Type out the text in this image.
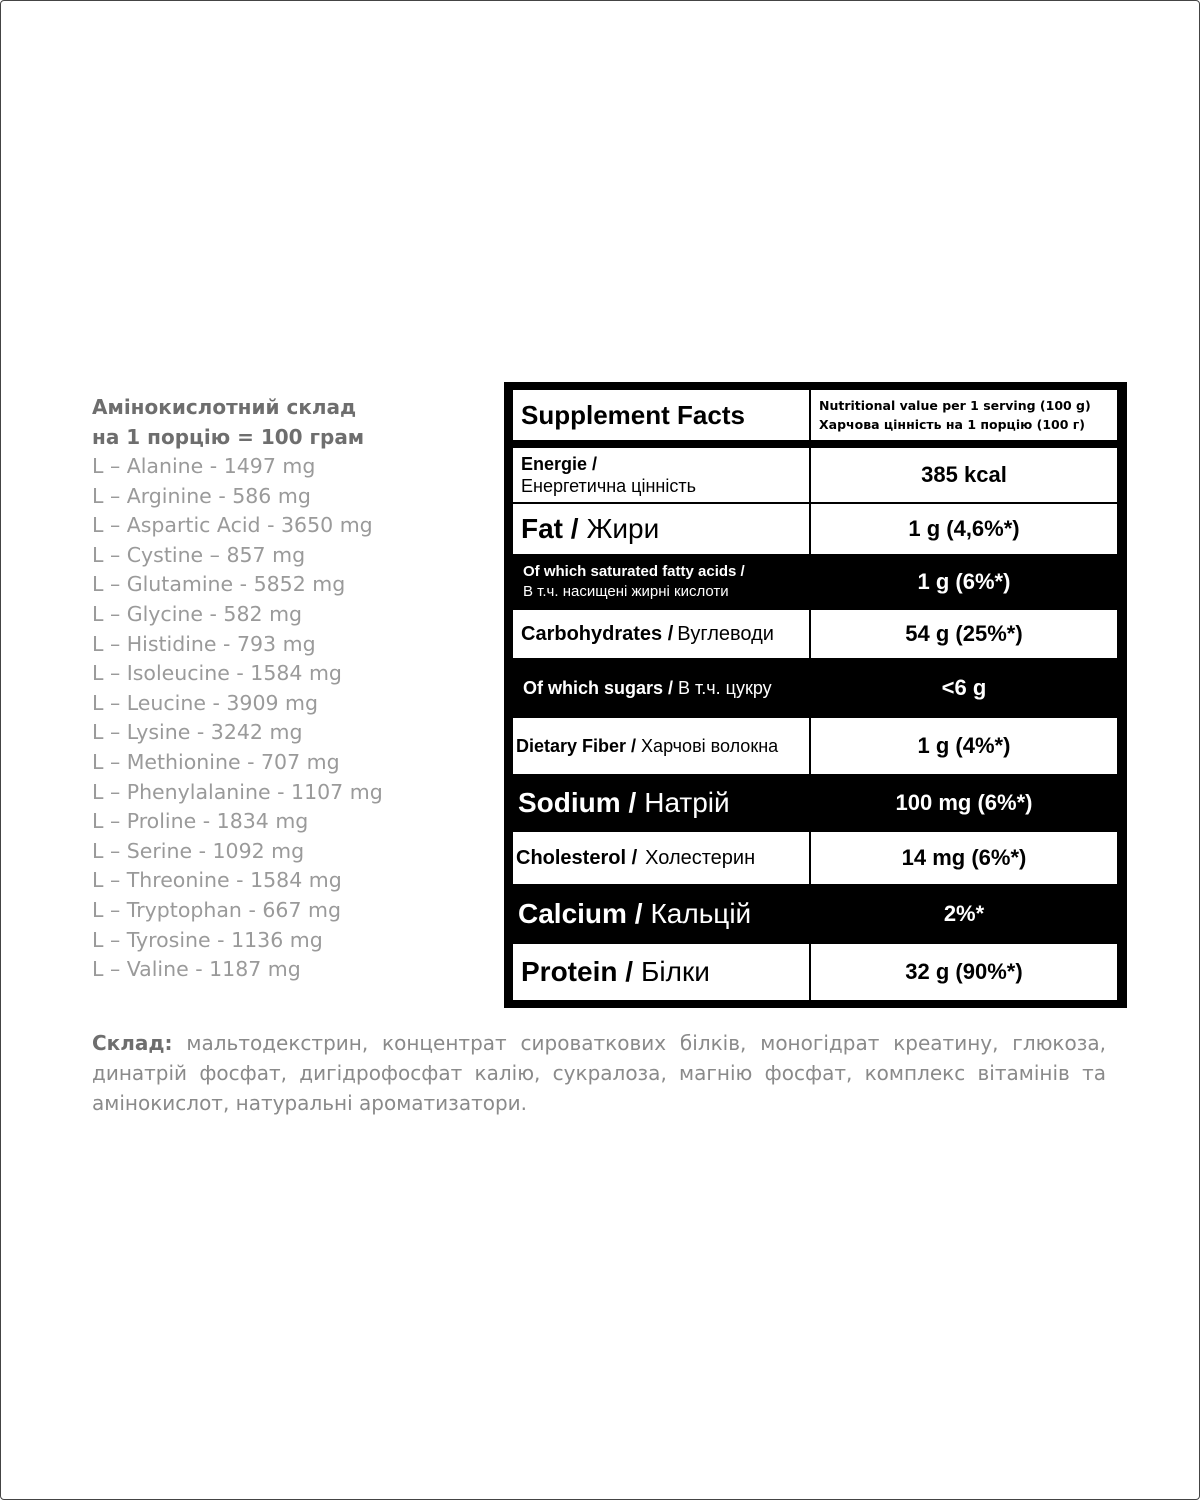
Амінокислотний склад
на 1 порцію = 100 грам
L – Alanine - 1497 mg
L – Arginine - 586 mg
L – Aspartic Acid - 3650 mg
L – Cystine – 857 mg
L – Glutamine - 5852 mg
L – Glycine - 582 mg
L – Histidine - 793 mg
L – Isoleucine - 1584 mg
L – Leucine - 3909 mg
L – Lysine - 3242 mg
L – Methionine - 707 mg
L – Phenylalanine - 1107 mg
L – Proline - 1834 mg
L – Serine - 1092 mg
L – Threonine - 1584 mg
L – Tryptophan - 667 mg
L – Tyrosine - 1136 mg
L – Valine - 1187 mg
Supplement Facts	Nutritional value per 1 serving (100 g)
Харчова цінність на 1 порцію (100 г)
Energie /
Енергетична цінність	385 kcal
Fat / Жири	1 g (4,6%*)
Of which saturated fatty acids /
В т.ч. насищені жирні кислоти	1 g (6%*)
Carbohydrates / Вуглеводи	54 g (25%*)
Of which sugars / В т.ч. цукру	<6 g
Dietary Fiber / Харчові волокна	1 g (4%*)
Sodium / Натрій	100 mg (6%*)
Cholesterol / Холестерин	14 mg (6%*)
Calcium / Кальцій	2%*
Protein / Білки	32 g (90%*)
Склад: мальтодекстрин, концентрат сироваткових білків, моногідрат креатину, глюкоза, динатрій фосфат, дигідрофосфат калію, сукралоза, магнію фосфат, комплекс вітамінів та амінокислот, натуральні ароматизатори.
